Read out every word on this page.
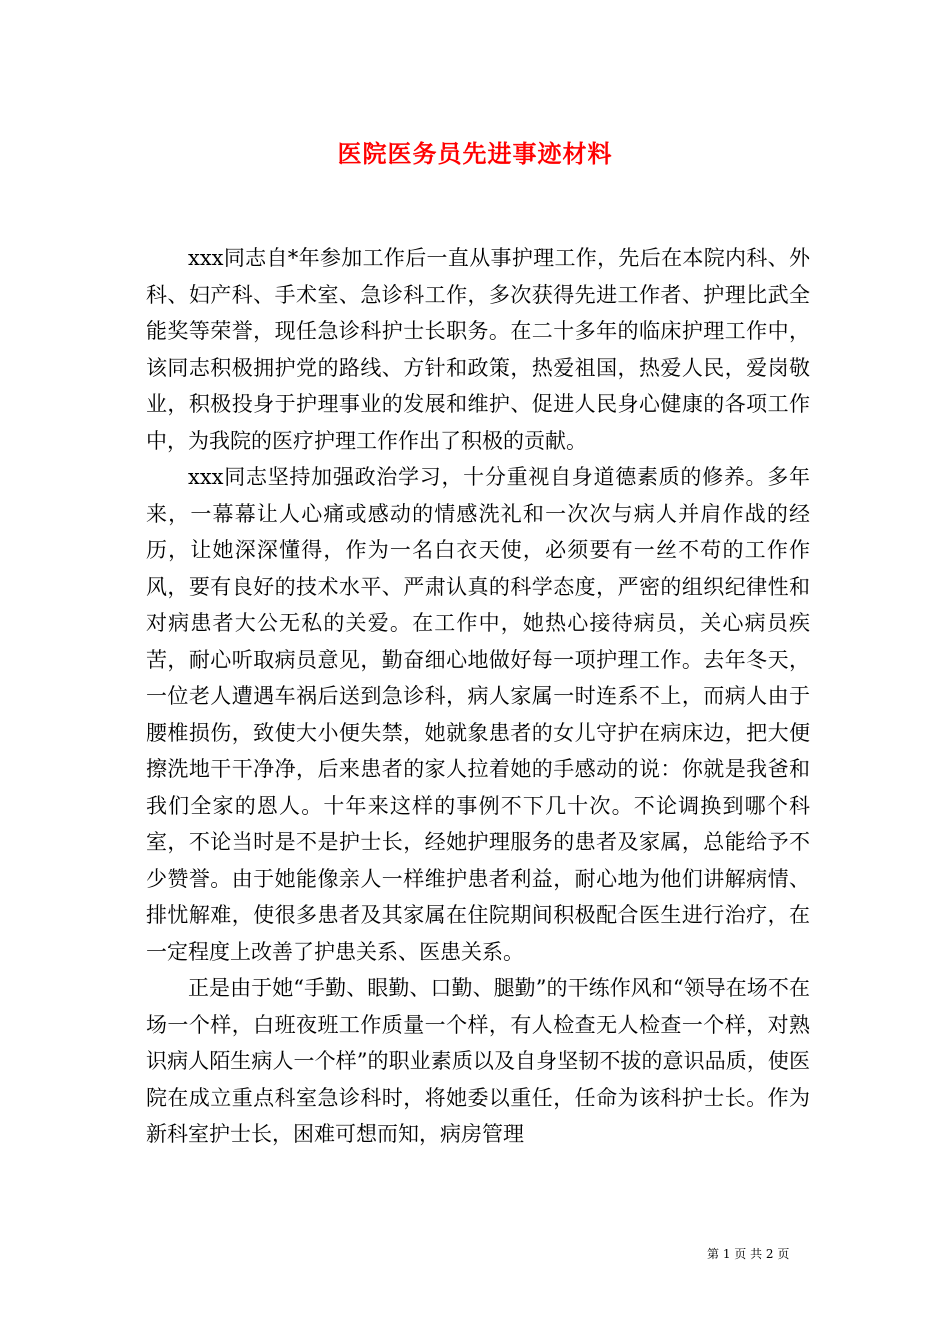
医院医务员先进事迹材料

xxx同志自*年参加工作后一直从事护理工作，先后在本院内科、外科、妇产科、手术室、急诊科工作，多次获得先进工作者、护理比武全能奖等荣誉，现任急诊科护士长职务。在二十多年的临床护理工作中，该同志积极拥护党的路线、方针和政策，热爱祖国，热爱人民，爱岗敬业，积极投身于护理事业的发展和维护、促进人民身心健康的各项工作中，为我院的医疗护理工作作出了积极的贡献。

xxx同志坚持加强政治学习，十分重视自身道德素质的修养。多年来，一幕幕让人心痛或感动的情感洗礼和一次次与病人并肩作战的经历，让她深深懂得，作为一名白衣天使，必须要有一丝不苟的工作作风，要有良好的技术水平、严肃认真的科学态度，严密的组织纪律性和对病患者大公无私的关爱。在工作中，她热心接待病员，关心病员疾苦，耐心听取病员意见，勤奋细心地做好每一项护理工作。去年冬天，一位老人遭遇车祸后送到急诊科，病人家属一时连系不上，而病人由于腰椎损伤，致使大小便失禁，她就象患者的女儿守护在病床边，把大便擦洗地干干净净，后来患者的家人拉着她的手感动的说：你就是我爸和我们全家的恩人。十年来这样的事例不下几十次。不论调换到哪个科室，不论当时是不是护士长，经她护理服务的患者及家属，总能给予不少赞誉。由于她能像亲人一样维护患者利益，耐心地为他们讲解病情、排忧解难，使很多患者及其家属在住院期间积极配合医生进行治疗，在一定程度上改善了护患关系、医患关系。

正是由于她“手勤、眼勤、口勤、腿勤”的干练作风和“领导在场不在场一个样，白班夜班工作质量一个样，有人检查无人检查一个样，对熟识病人陌生病人一个样”的职业素质以及自身坚韧不拔的意识品质，使医院在成立重点科室急诊科时，将她委以重任，任命为该科护士长。作为新科室护士长，困难可想而知，病房管理

第 1 页 共 2 页
